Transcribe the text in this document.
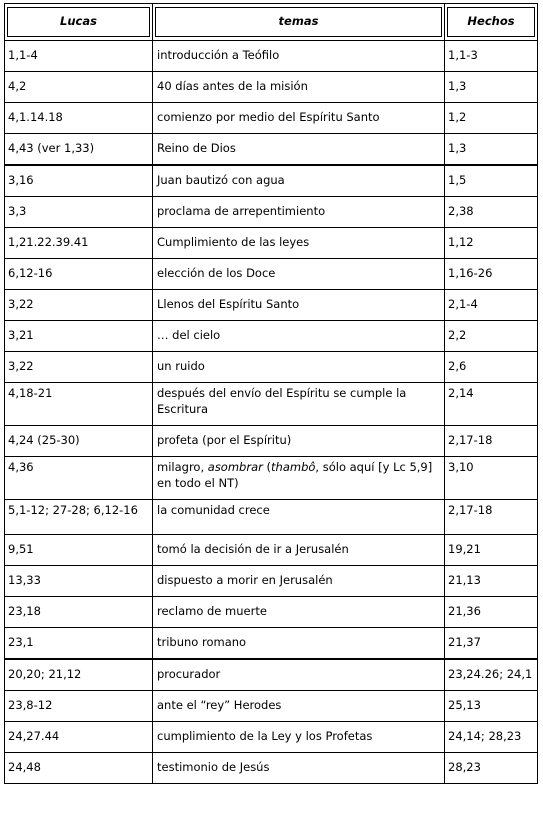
Lucas	temas	Hechos

1,1-4	introducción a Teófilo	1,1-3
4,2	40 días antes de la misión	1,3
4,1.14.18	comienzo por medio del Espíritu Santo	1,2
4,43 (ver 1,33)	Reino de Dios	1,3
3,16	Juan bautizó con agua	1,5
3,3	proclama de arrepentimiento	2,38
1,21.22.39.41	Cumplimiento de las leyes	1,12
6,12-16	elección de los Doce	1,16-26
3,22	Llenos del Espíritu Santo	2,1-4
3,21	… del cielo	2,2
3,22	un ruido	2,6
4,18-21	después del envío del Espíritu se cumple la Escritura	2,14
4,24 (25-30)	profeta (por el Espíritu)	2,17-18
4,36	milagro, asombrar (thambô, sólo aquí [y Lc 5,9] en todo el NT)	3,10
5,1-12; 27-28; 6,12-16	la comunidad crece	2,17-18
9,51	tomó la decisión de ir a Jerusalén	19,21
13,33	dispuesto a morir en Jerusalén	21,13
23,18	reclamo de muerte	21,36
23,1	tribuno romano	21,37
20,20; 21,12	procurador	23,24.26; 24,1
23,8-12	ante el “rey” Herodes	25,13
24,27.44	cumplimiento de la Ley y los Profetas	24,14; 28,23
24,48	testimonio de Jesús	28,23
